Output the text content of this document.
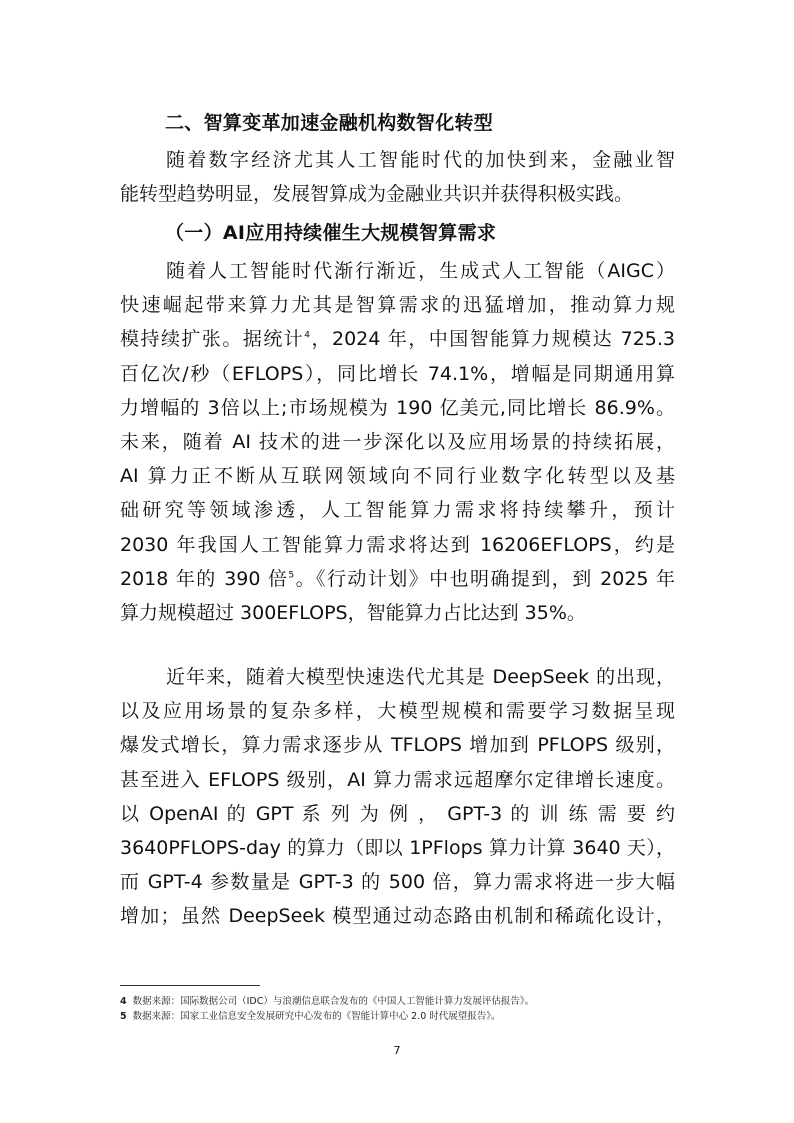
二、智算变革加速金融机构数智化转型
随着数字经济尤其人工智能时代的加快到来，金融业智
能转型趋势明显，发展智算成为金融业共识并获得积极实践。
（一）AI应用持续催生大规模智算需求
随着人工智能时代渐行渐近，生成式人工智能（AIGC）
快速崛起带来算力尤其是智算需求的迅猛增加，推动算力规
模持续扩张。据统计$^4$，2024 年，中国智能算力规模达 725.3
百亿次/秒（EFLOPS），同比增长 74.1%，增幅是同期通用算
力增幅的 3倍以上;市场规模为 190 亿美元,同比增长 86.9%。
未来，随着 AI 技术的进一步深化以及应用场景的持续拓展，
AI 算力正不断从互联网领域向不同行业数字化转型以及基
础研究等领域渗透，人工智能算力需求将持续攀升，预计
2030 年我国人工智能算力需求将达到 16206EFLOPS，约是
2018 年的 390 倍$^5$。《行动计划》中也明确提到，到 2025 年
算力规模超过 300EFLOPS，智能算力占比达到 35%。
近年来，随着大模型快速迭代尤其是 DeepSeek 的出现，
以及应用场景的复杂多样，大模型规模和需要学习数据呈现
爆发式增长，算力需求逐步从 TFLOPS 增加到 PFLOPS 级别，
甚至进入 EFLOPS 级别，AI 算力需求远超摩尔定律增长速度。
以 OpenAI 的 GPT 系 列 为 例 ， GPT-3 的 训 练 需 要 约
3640PFLOPS-day 的算力（即以 1PFlops 算力计算 3640 天），
而 GPT-4 参数量是 GPT-3 的 500 倍，算力需求将进一步大幅
增加；虽然 DeepSeek 模型通过动态路由机制和稀疏化设计，
4 数据来源：国际数据公司（IDC）与浪潮信息联合发布的《中国人工智能计算力发展评估报告》。
5 数据来源：国家工业信息安全发展研究中心发布的《智能计算中心 2.0 时代展望报告》。
7
